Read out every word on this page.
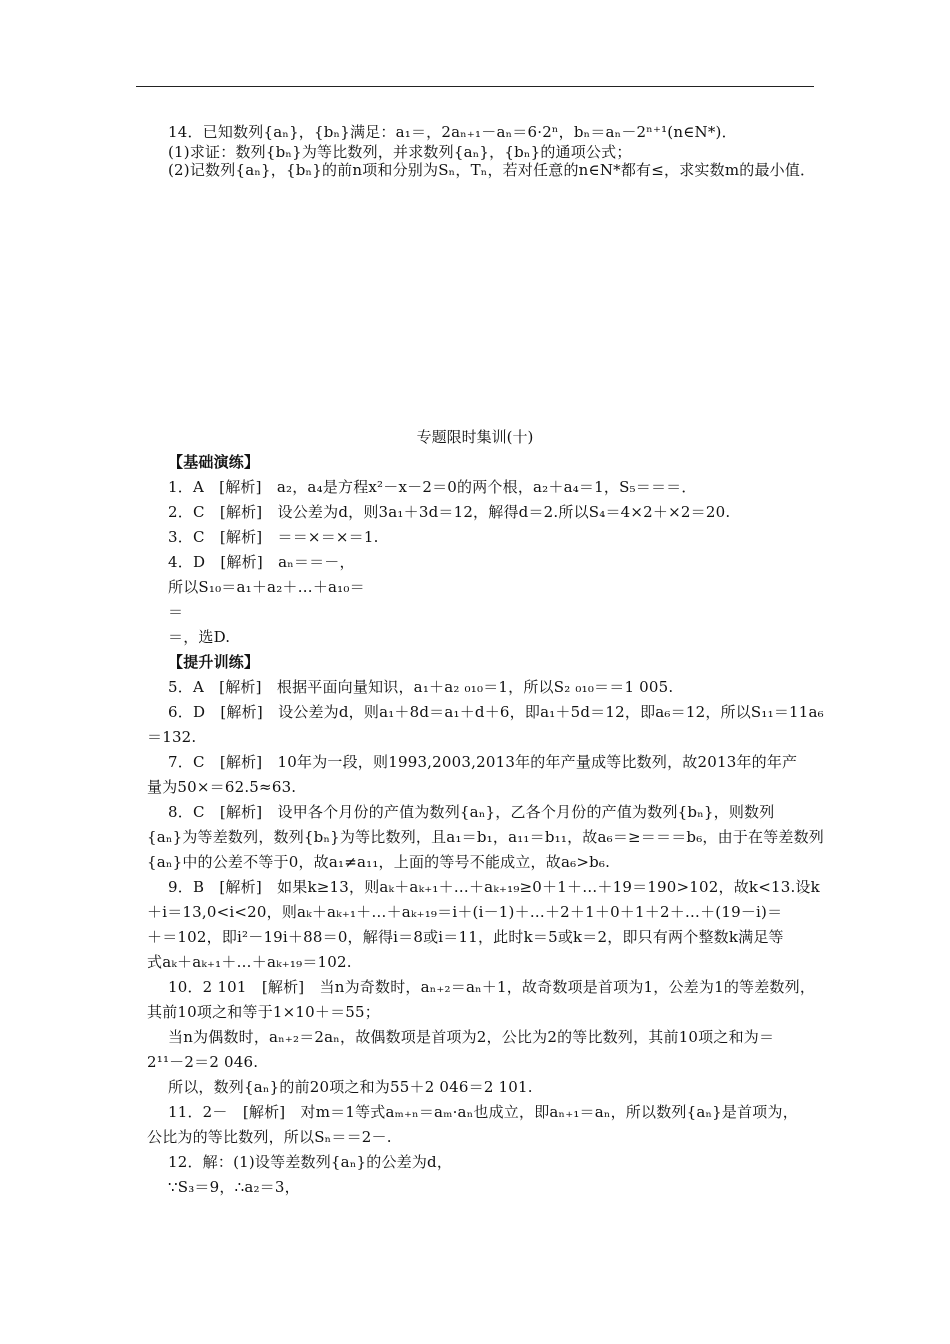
14．已知数列{aₙ}，{bₙ}满足：a₁＝，2aₙ₊₁－aₙ＝6·2ⁿ，bₙ＝aₙ－2ⁿ⁺¹(n∈N*)．
(1)求证：数列{bₙ}为等比数列，并求数列{aₙ}，{bₙ}的通项公式；
(2)记数列{aₙ}，{bₙ}的前n项和分别为Sₙ，Tₙ，若对任意的n∈N*都有≤，求实数m的最小值．
专题限时集训(十)
【基础演练】
1．A　[解析]　a₂，a₄是方程x²－x－2＝0的两个根，a₂＋a₄＝1，S₅＝＝＝．
2．C　[解析]　设公差为d，则3a₁＋3d＝12，解得d＝2.所以S₄＝4×2＋×2＝20.
3．C　[解析]　＝＝×＝×＝1.
4．D　[解析]　aₙ＝＝－，
所以S₁₀＝a₁＋a₂＋…＋a₁₀＝
＝
＝，选D.
【提升训练】
5．A　[解析]　根据平面向量知识，a₁＋a₂ ₀₁₀＝1，所以S₂ ₀₁₀＝＝1 005.
6．D　[解析]　设公差为d，则a₁＋8d＝a₁＋d＋6，即a₁＋5d＝12，即a₆＝12，所以S₁₁＝11a₆
＝132.
7．C　[解析]　10年为一段，则1993,2003,2013年的年产量成等比数列，故2013年的年产
量为50×＝62.5≈63.
8．C　[解析]　设甲各个月份的产值为数列{aₙ}，乙各个月份的产值为数列{bₙ}，则数列
{aₙ}为等差数列，数列{bₙ}为等比数列，且a₁＝b₁，a₁₁＝b₁₁，故a₆＝≥＝＝＝b₆，由于在等差数列
{aₙ}中的公差不等于0，故a₁≠a₁₁，上面的等号不能成立，故a₆>b₆.
9．B　[解析]　如果k≥13，则aₖ＋aₖ₊₁＋…＋aₖ₊₁₉≥0＋1＋…＋19＝190>102，故k<13.设k
＋i＝13,0<i<20，则aₖ＋aₖ₊₁＋…＋aₖ₊₁₉＝i＋(i－1)＋…＋2＋1＋0＋1＋2＋…＋(19－i)＝
＋＝102，即i²－19i＋88＝0，解得i＝8或i＝11，此时k＝5或k＝2，即只有两个整数k满足等
式aₖ＋aₖ₊₁＋…＋aₖ₊₁₉＝102.
10．2 101　[解析]　当n为奇数时，aₙ₊₂＝aₙ＋1，故奇数项是首项为1，公差为1的等差数列，
其前10项之和等于1×10＋＝55；
当n为偶数时，aₙ₊₂＝2aₙ，故偶数项是首项为2，公比为2的等比数列，其前10项之和为＝
2¹¹－2＝2 046.
所以，数列{aₙ}的前20项之和为55＋2 046＝2 101.
11．2－　[解析]　对m＝1等式aₘ₊ₙ＝aₘ·aₙ也成立，即aₙ₊₁＝aₙ，所以数列{aₙ}是首项为，
公比为的等比数列，所以Sₙ＝＝2－.
12．解：(1)设等差数列{aₙ}的公差为d，
∵S₃＝9，∴a₂＝3，
